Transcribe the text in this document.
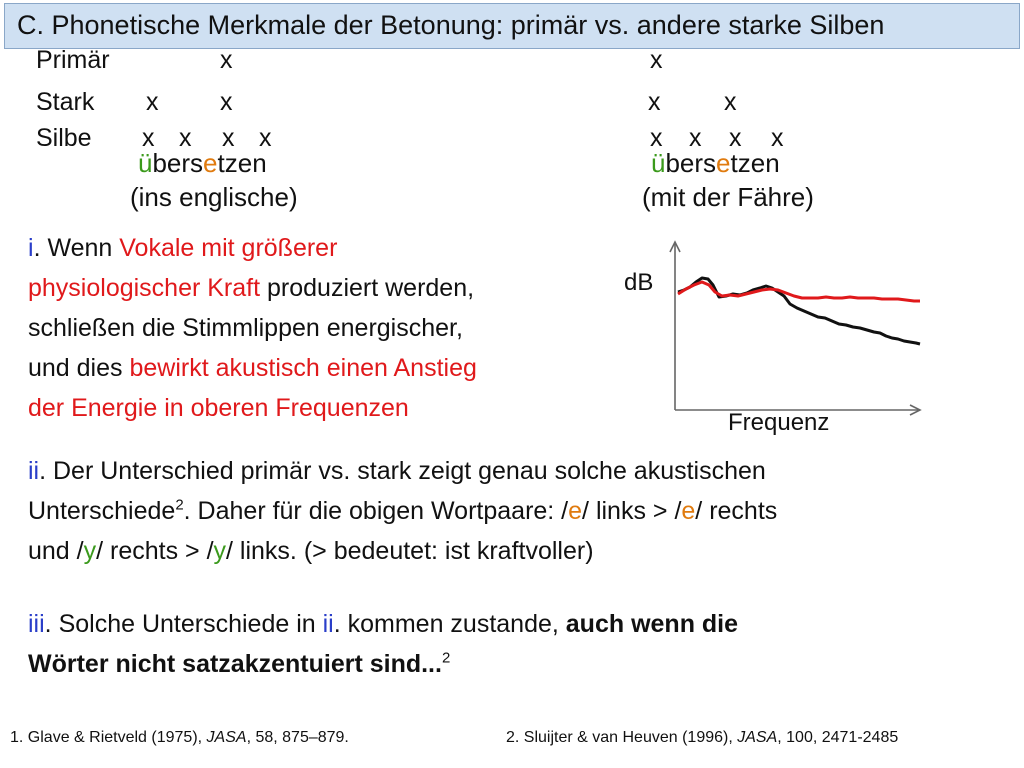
C. Phonetische Merkmale der Betonung: primär vs. andere starke Silben
Primär
Stark
Silbe
x
x x
x x x x
x
x	x
x x x x
übersetzen
(ins englische)
übersetzen
(mit der Fähre)
i. Wenn Vokale mit größerer
physiologischer Kraft produziert werden,
schließen die Stimmlippen energischer,
und dies bewirkt akustisch einen Anstieg
der Energie in oberen Frequenzen
dB
Frequenz
ii. Der Unterschied primär vs. stark zeigt genau solche akustischen
Unterschiede$^2$. Daher für die obigen Wortpaare: /e/ links > /e/ rechts
und /y/ rechts > /y/ links. (> bedeutet: ist kraftvoller)
iii. Solche Unterschiede in ii. kommen zustande, auch wenn die
Wörter nicht satzakzentuiert sind...$^2$
1. Glave & Rietveld (1975), JASA, 58, 875–879.	2. Sluijter & van Heuven (1996), JASA, 100, 2471-2485
